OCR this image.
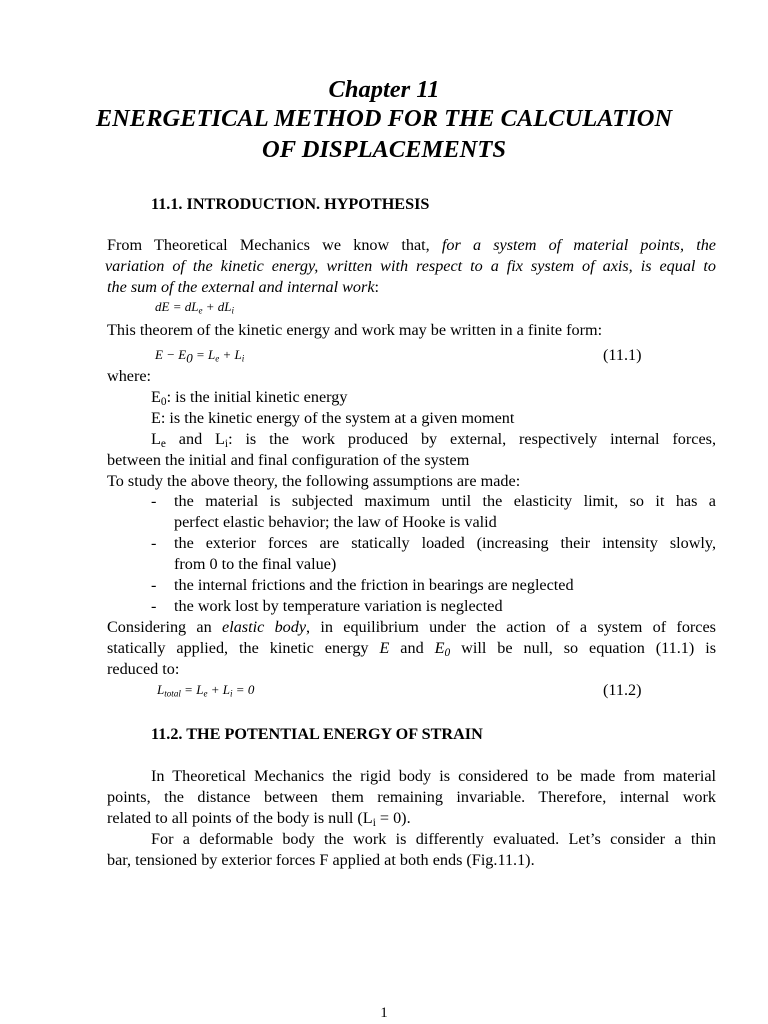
Chapter 11
ENERGETICAL METHOD FOR THE CALCULATION
OF DISPLACEMENTS
11.1. INTRODUCTION. HYPOTHESIS
From Theoretical Mechanics we know that, for a system of material points, the
variation of the kinetic energy, written with respect to a fix system of axis, is equal to
the sum of the external and internal work:
dE = $dL_e + dL_i$
This theorem of the kinetic energy and work may be written in a finite form:
$E - E_0 = L_e + L_i$	(11.1)
where:
$E_0$: is the initial kinetic energy
E: is the kinetic energy of the system at a given moment
$L_e$ and $L_i$: is the work produced by external, respectively internal forces,
between the initial and final configuration of the system
To study the above theory, the following assumptions are made:
- the material is subjected maximum until the elasticity limit, so it has a
perfect elastic behavior; the law of Hooke is valid
- the exterior forces are statically loaded (increasing their intensity slowly,
from 0 to the final value)
- the internal frictions and the friction in bearings are neglected
- the work lost by temperature variation is neglected
Considering an elastic body, in equilibrium under the action of a system of forces
statically applied, the kinetic energy E and $E_0$ will be null, so equation (11.1) is
reduced to:
$L_{total} = L_e + L_i = 0$	(11.2)
11.2. THE POTENTIAL ENERGY OF STRAIN
In Theoretical Mechanics the rigid body is considered to be made from material
points, the distance between them remaining invariable. Therefore, internal work
related to all points of the body is null $(L_i = 0)$.
For a deformable body the work is differently evaluated. Let’s consider a thin
bar, tensioned by exterior forces F applied at both ends (Fig.11.1).
1
